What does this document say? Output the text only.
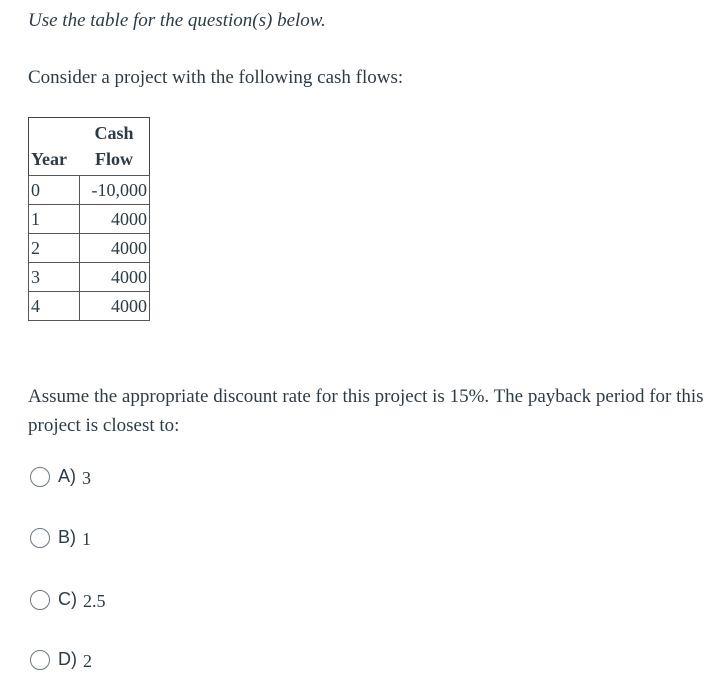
Use the table for the question(s) below.
Consider a project with the following cash flows:
Year	Cash
Flow

0	-10,000
1	4000
2	4000
3	4000
4	4000
Assume the appropriate discount rate for this project is 15%. The payback period for this project is closest to:
A) 3
B) 1
C) 2.5
D) 2
